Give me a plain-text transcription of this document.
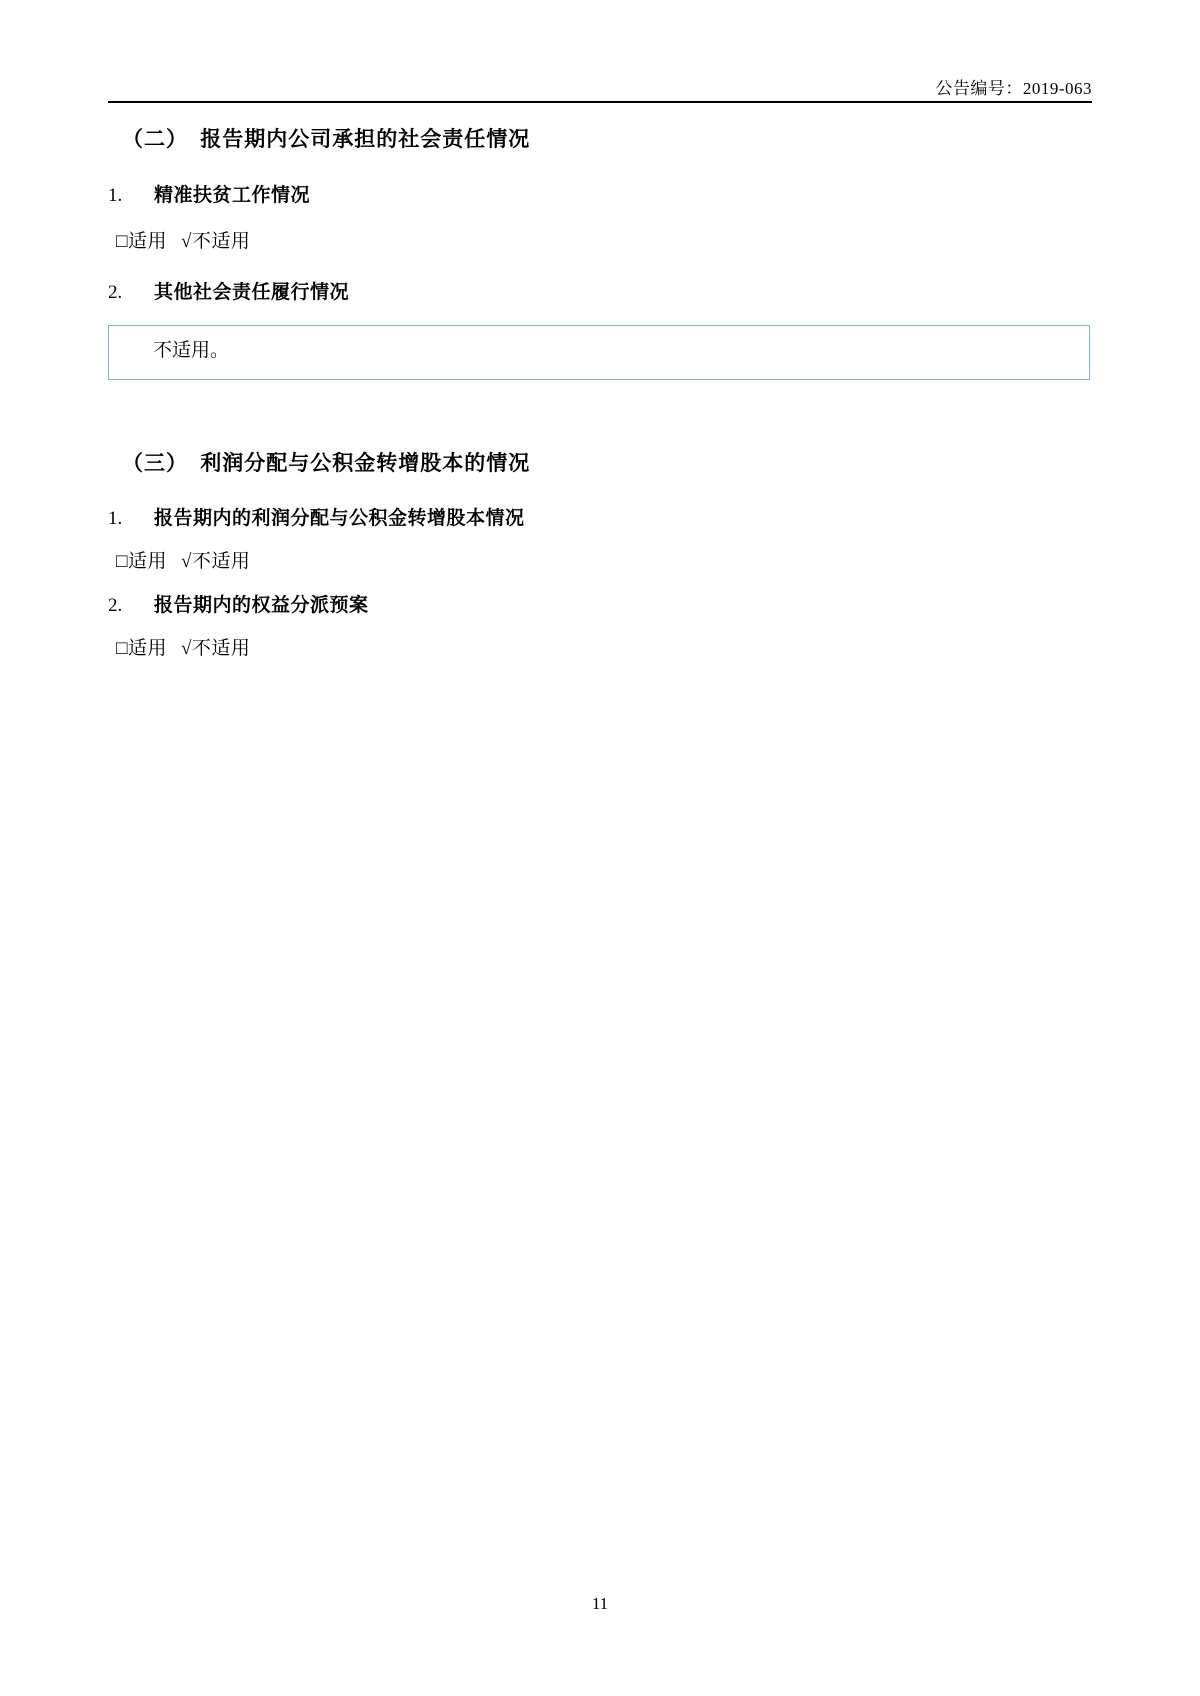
公告编号：2019-063
（二） 报告期内公司承担的社会责任情况
1.	精准扶贫工作情况
□适用 √不适用
2.	其他社会责任履行情况
不适用。
（三） 利润分配与公积金转增股本的情况
1.	报告期内的利润分配与公积金转增股本情况
□适用 √不适用
2.	报告期内的权益分派预案
□适用 √不适用
11
